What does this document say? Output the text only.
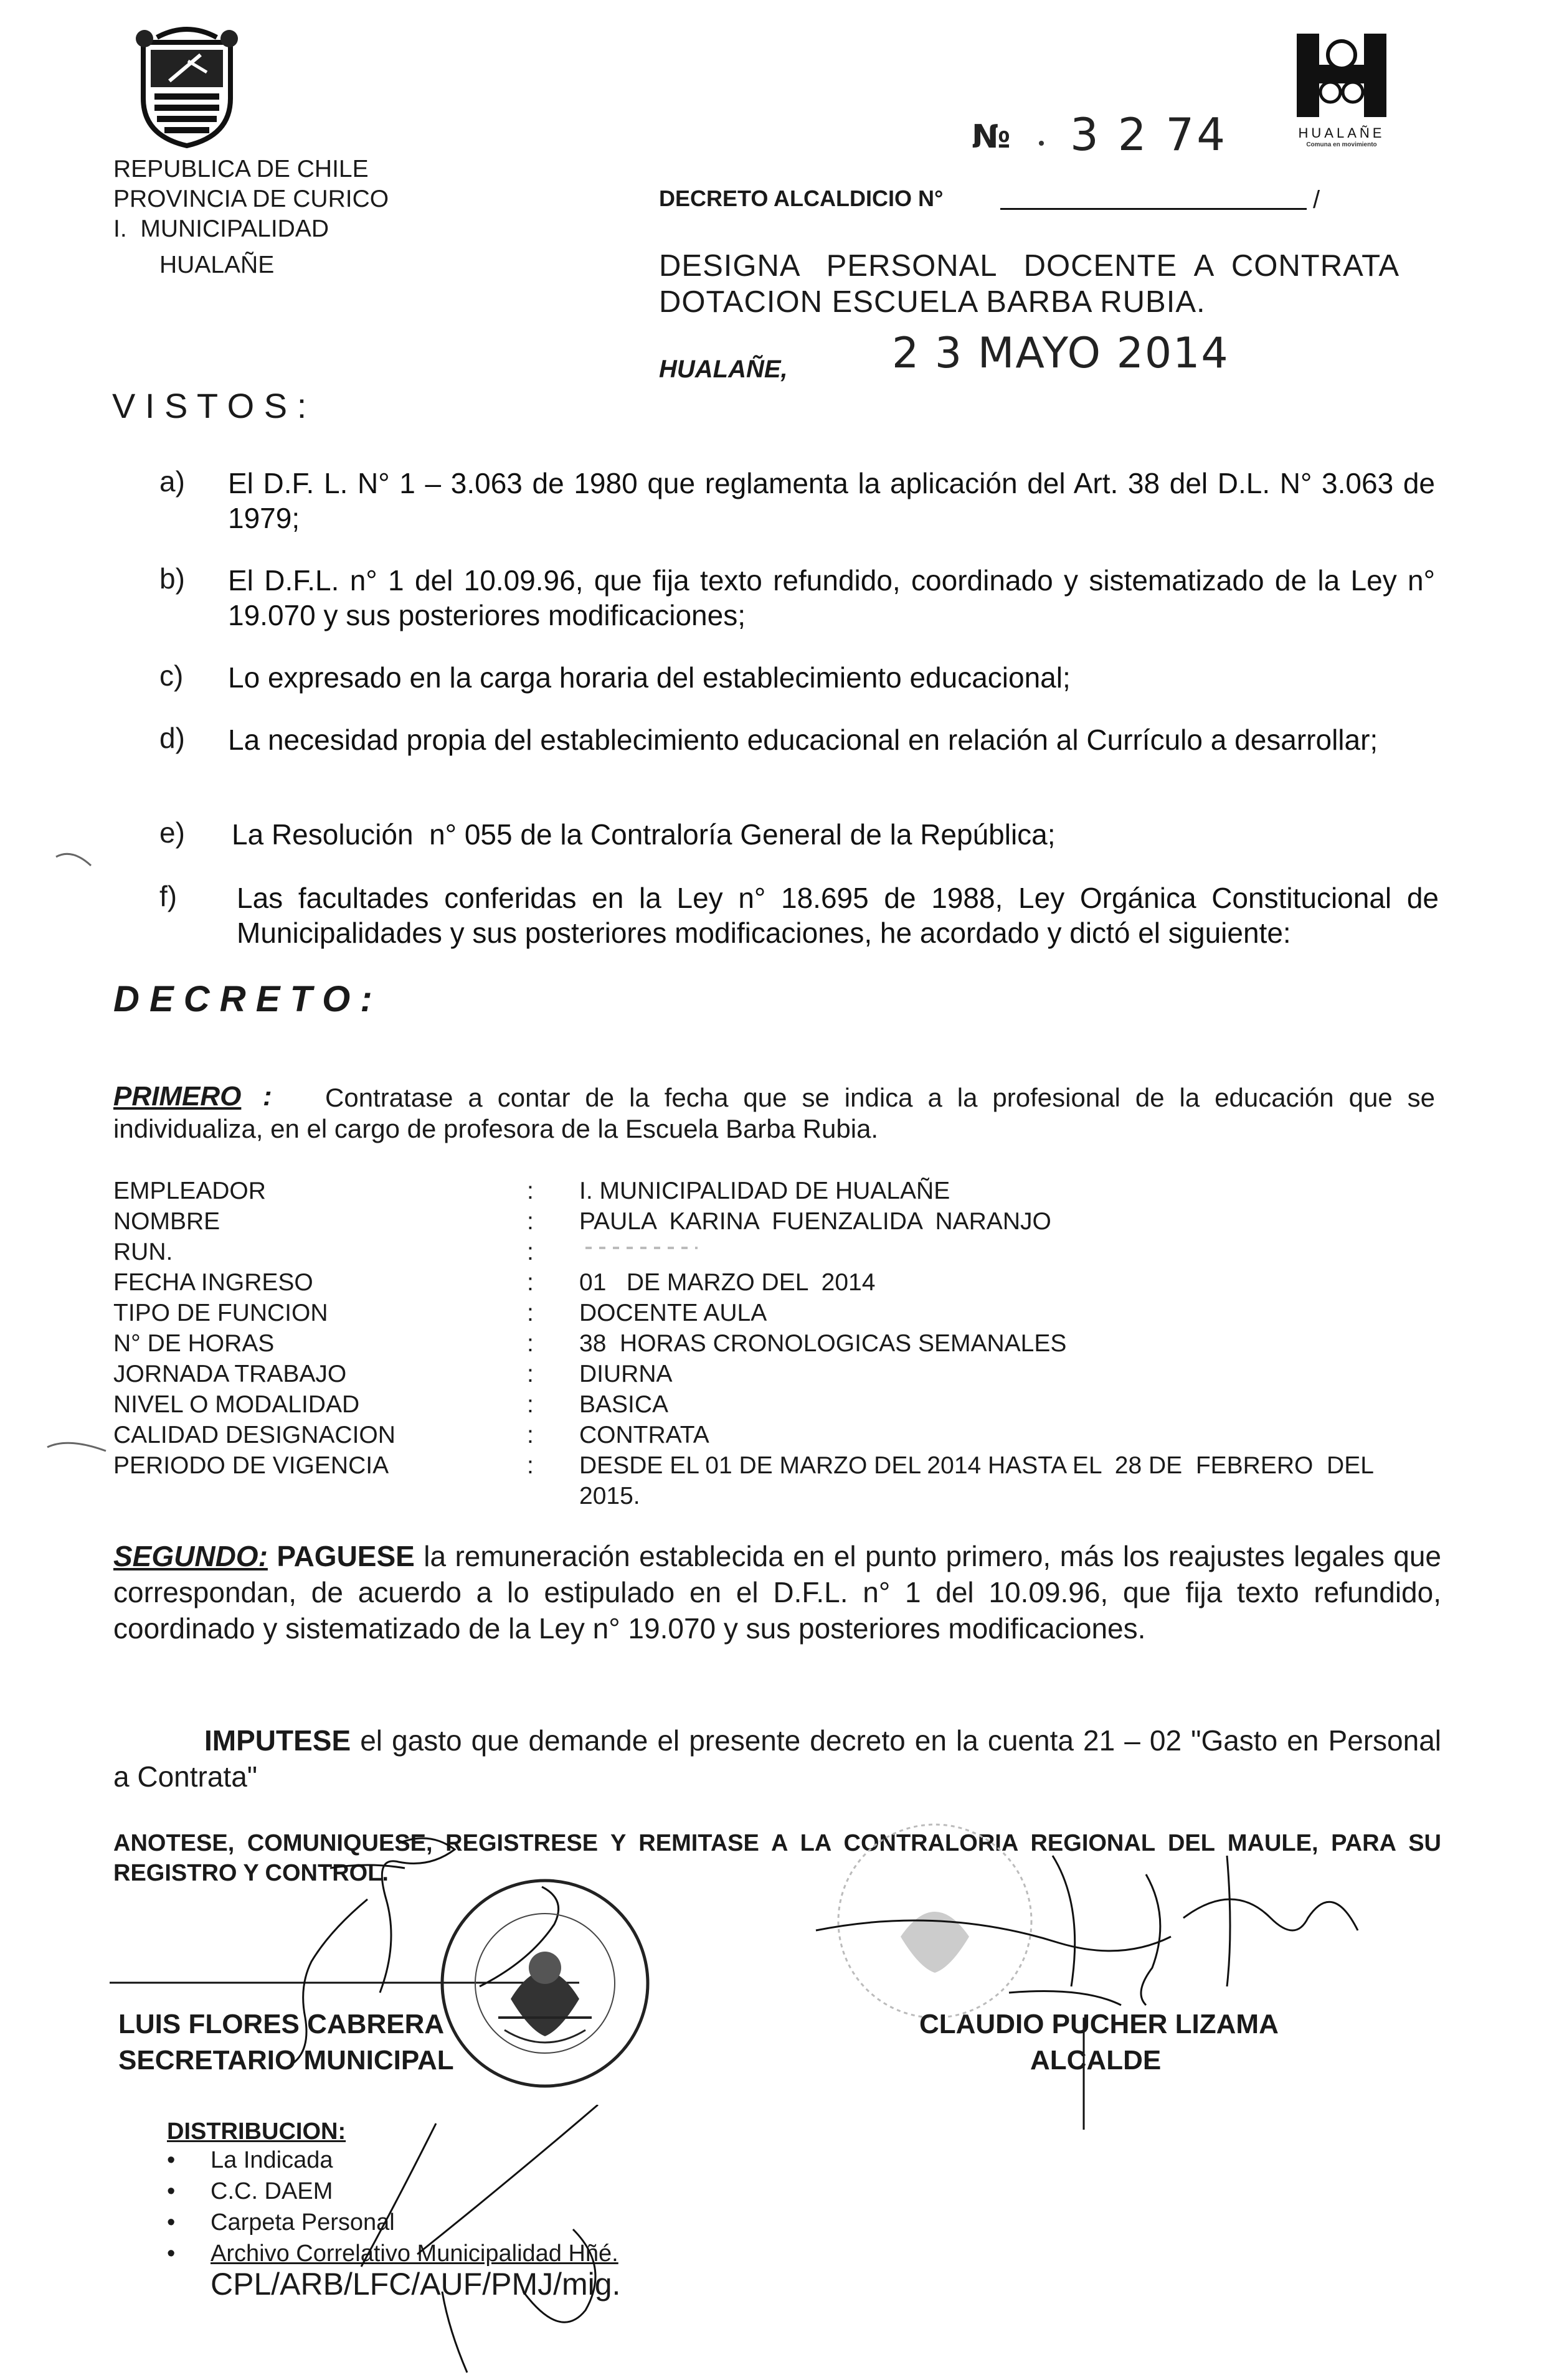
REPUBLICA DE CHILE
PROVINCIA DE CURICO
I.  MUNICIPALIDAD
HUALAÑE
HUALAÑE
Comuna en movimiento
№ 3 2 74
DECRETO ALCALDICIO N°	/
DESIGNA   PERSONAL   DOCENTE  A  CONTRATA
DOTACION ESCUELA BARBA RUBIA.
HUALAÑE, 2 3 MAYO 2014
V I S T O S :
a) El D.F. L. N° 1 – 3.063 de 1980 que reglamenta la aplicación del Art. 38 del D.L. N° 3.063 de 1979;
b) El D.F.L. n° 1 del 10.09.96, que fija texto refundido, coordinado y sistematizado de la Ley n° 19.070 y sus posteriores modificaciones;
c) Lo expresado en la carga horaria del establecimiento educacional;
d) La necesidad propia del establecimiento educacional en relación al Currículo a desarrollar;
e) La Resolución  n° 055 de la Contraloría General de la República;
f) Las facultades conferidas en la Ley n° 18.695 de 1988, Ley Orgánica Constitucional de Municipalidades y sus posteriores modificaciones, he acordado y dictó el siguiente:
D E C R E T O :
PRIMERO :	Contratase a contar de la fecha que se indica a la profesional de la educación que se individualiza, en el cargo de profesora de la Escuela Barba Rubia.
EMPLEADOR	: I. MUNICIPALIDAD DE HUALAÑE
NOMBRE	: PAULA  KARINA  FUENZALIDA  NARANJO
RUN.	:
FECHA INGRESO	: 01   DE MARZO DEL  2014
TIPO DE FUNCION	: DOCENTE AULA
N° DE HORAS	: 38  HORAS CRONOLOGICAS SEMANALES
JORNADA TRABAJO	: DIURNA
NIVEL O MODALIDAD	: BASICA
CALIDAD DESIGNACION	: CONTRATA
PERIODO DE VIGENCIA	: DESDE EL 01 DE MARZO DEL 2014 HASTA EL  28 DE  FEBRERO  DEL
2015.
SEGUNDO: PAGUESE la remuneración establecida en el punto primero, más los reajustes legales que correspondan, de acuerdo a lo estipulado en el D.F.L. n° 1 del 10.09.96, que fija texto refundido, coordinado y sistematizado de la Ley n° 19.070 y sus posteriores modificaciones.
IMPUTESE el gasto que demande el presente decreto en la cuenta 21 – 02 "Gasto en Personal a Contrata"
ANOTESE, COMUNIQUESE, REGISTRESE Y REMITASE A LA CONTRALORIA REGIONAL DEL MAULE, PARA SU REGISTRO Y CONTROL.
LUIS FLORES CABRERA
SECRETARIO MUNICIPAL
CLAUDIO PUCHER LIZAMA
ALCALDE
DISTRIBUCION:
• La Indicada
• C.C. DAEM
• Carpeta Personal
• Archivo Correlativo Municipalidad Hñé.
CPL/ARB/LFC/AUF/PMJ/mig.
